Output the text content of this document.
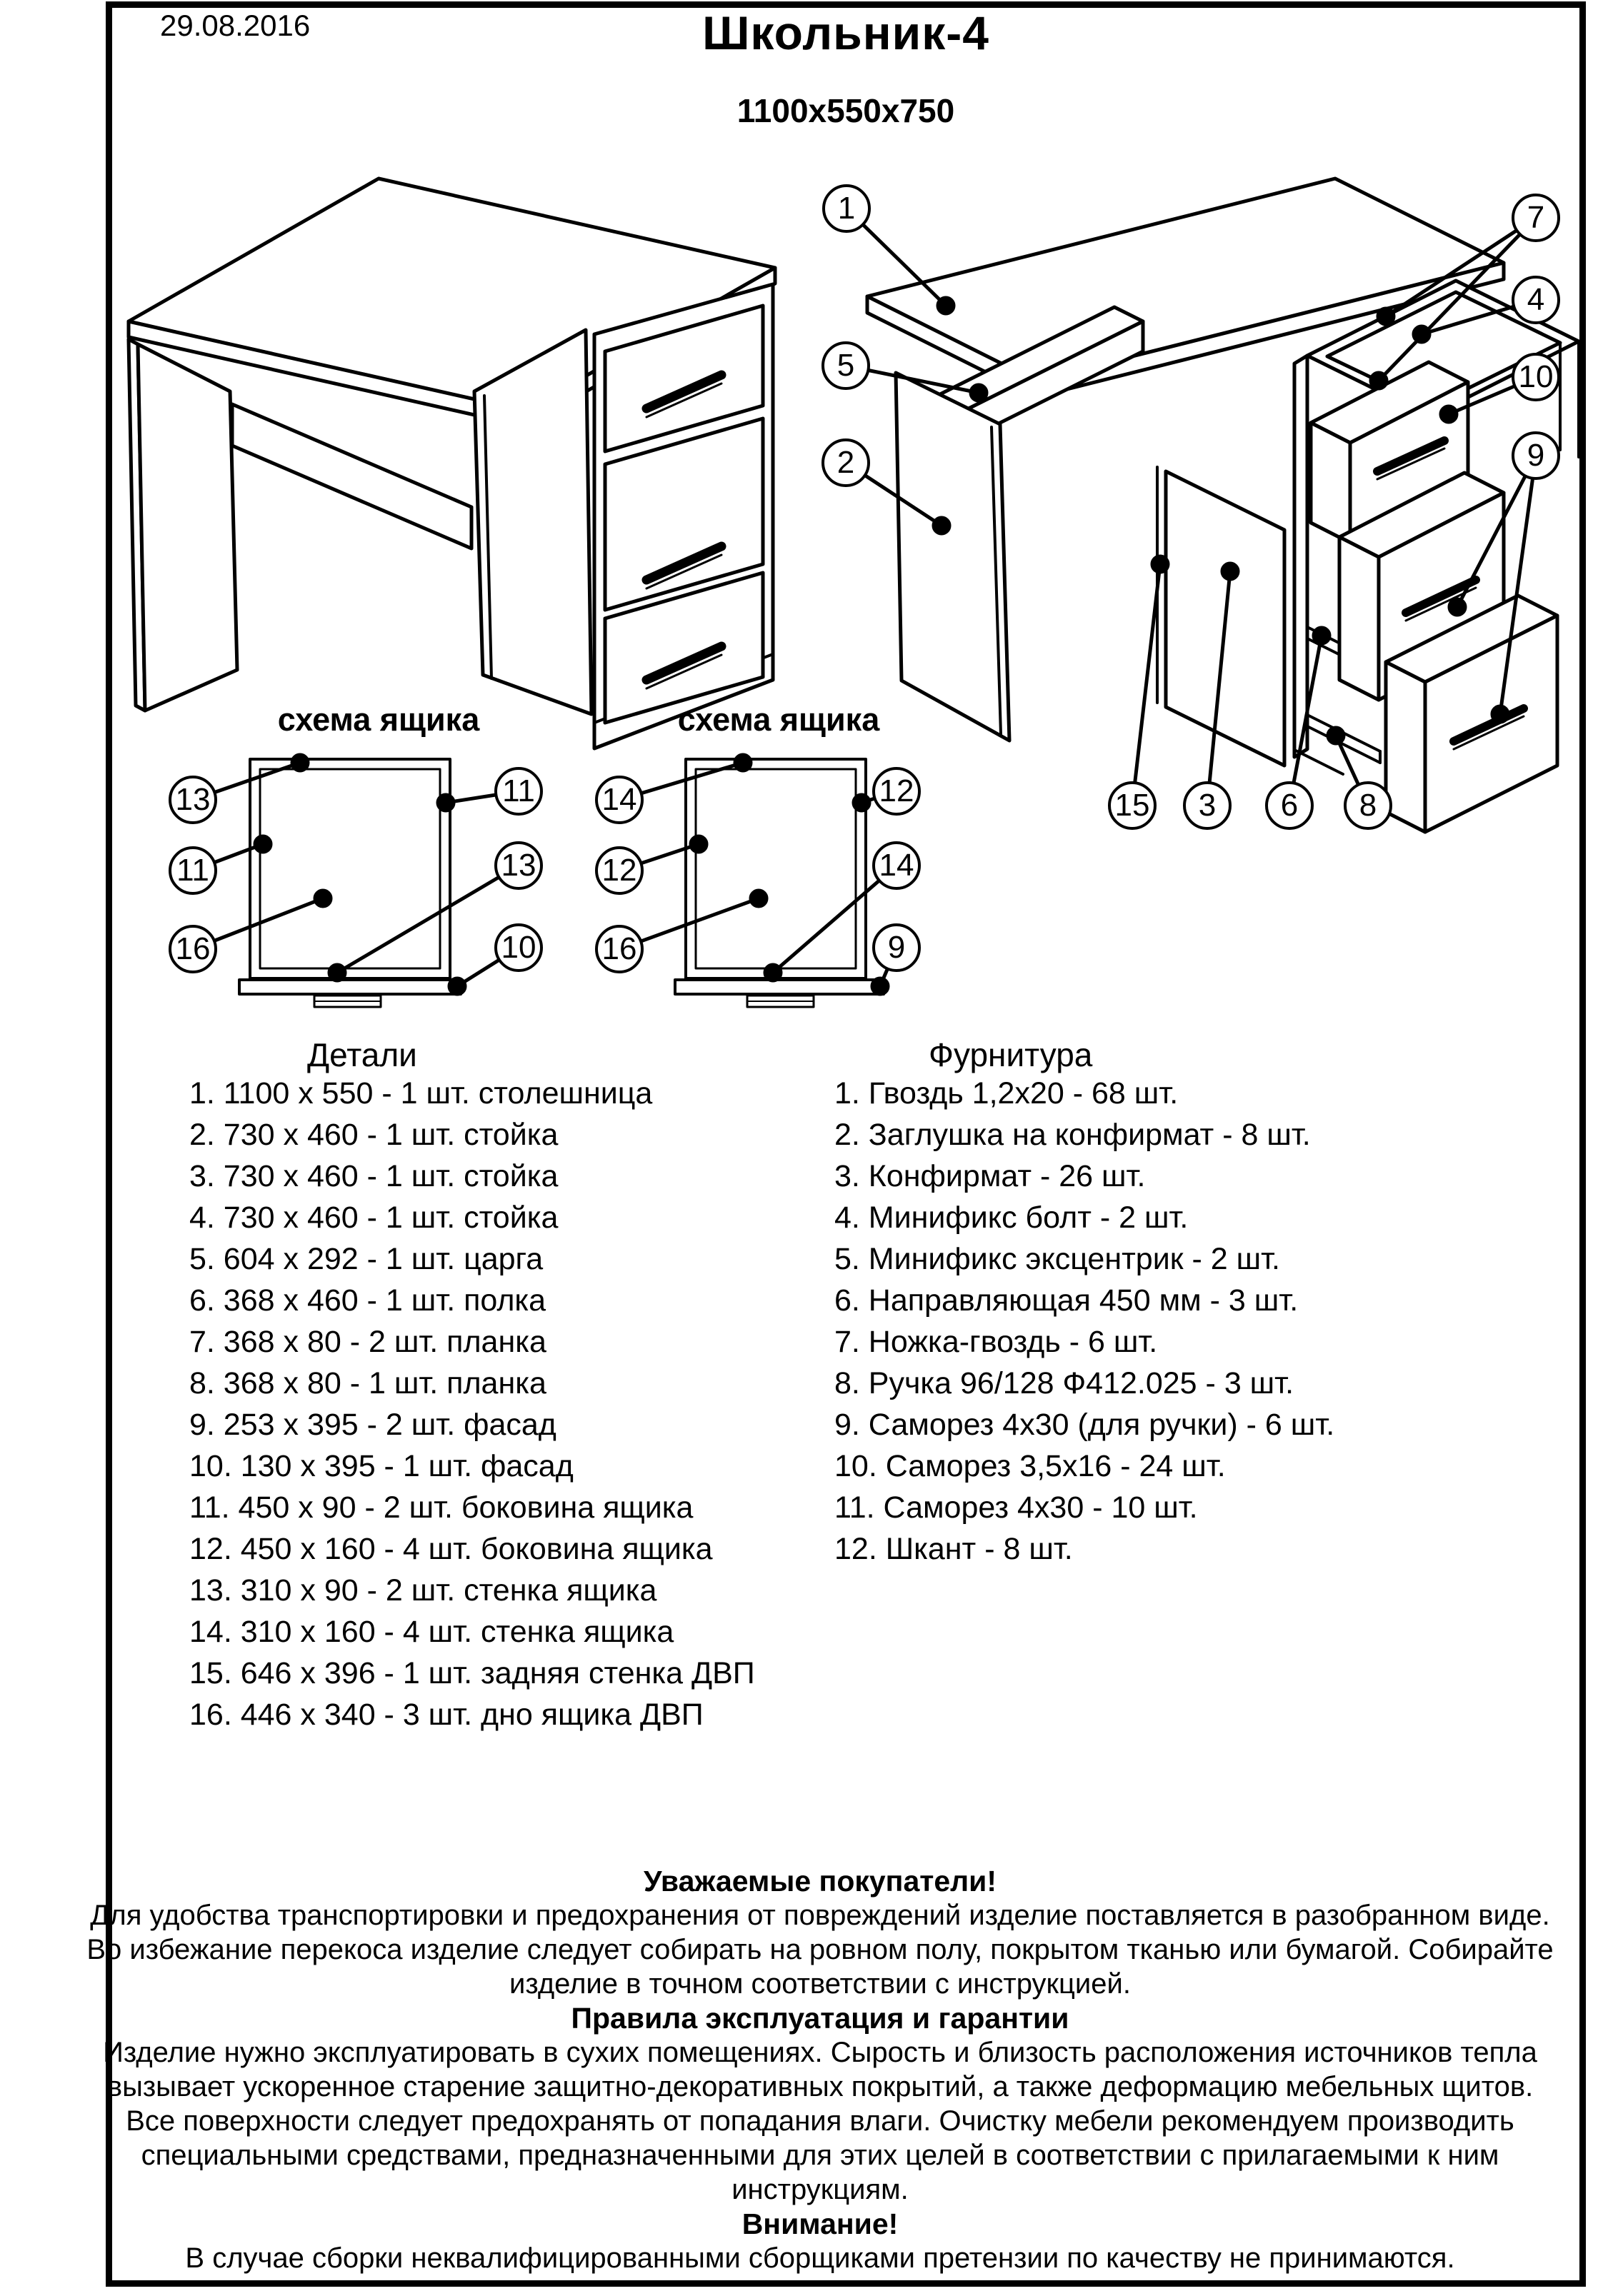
29.08.2016	Школьник-4
1100х550х750
схема ящика	схема ящика
1
5
2
7
4
10
9
15	3	6	8
13
11
16
11
13
10
14
12
16
12
14
9
Детали
1. 1100 х 550 - 1 шт. столешница
2. 730 х 460 - 1 шт. стойка
3. 730 х 460 - 1 шт. стойка
4. 730 х 460 - 1 шт. стойка
5. 604 х 292 - 1 шт. царга
6. 368 х 460 - 1 шт. полка
7. 368 х 80 - 2 шт. планка
8. 368 х 80 - 1 шт. планка
9. 253 х 395 - 2 шт. фасад
10. 130 х 395 - 1 шт. фасад
11. 450 х 90 - 2 шт. боковина ящика
12. 450 х 160 - 4 шт. боковина ящика
13. 310 х 90 - 2 шт. стенка ящика
14. 310 х 160 - 4 шт. стенка ящика
15. 646 х 396 - 1 шт. задняя стенка ДВП
16. 446 х 340 - 3 шт. дно ящика ДВП
Фурнитура
1. Гвоздь 1,2х20 - 68 шт.
2. Заглушка на конфирмат - 8 шт.
3. Конфирмат - 26 шт.
4. Минификс болт - 2 шт.
5. Минификс эксцентрик - 2 шт.
6. Направляющая 450 мм - 3 шт.
7. Ножка-гвоздь - 6 шт.
8. Ручка 96/128 Ф412.025 - 3 шт.
9. Саморез 4х30 (для ручки) - 6 шт.
10. Саморез 3,5х16 - 24 шт.
11. Саморез 4х30 - 10 шт.
12. Шкант - 8 шт.
Уважаемые покупатели!
Для удобства транспортировки и предохранения от повреждений изделие поставляется в разобранном виде. Во избежание перекоса изделие следует собирать на ровном полу, покрытом тканью или бумагой. Собирайте изделие в точном соответствии с инструкцией.
Правила эксплуатация и гарантии
Изделие нужно эксплуатировать в сухих помещениях. Сырость и близость расположения источников тепла вызывает ускоренное старение защитно-декоративных покрытий, а также деформацию мебельных щитов. Все поверхности следует предохранять от попадания влаги. Очистку мебели рекомендуем производить специальными средствами, предназначенными для этих целей в соответствии с прилагаемыми к ним инструкциям.
Внимание!
В случае сборки неквалифицированными сборщиками претензии по качеству не принимаются.
